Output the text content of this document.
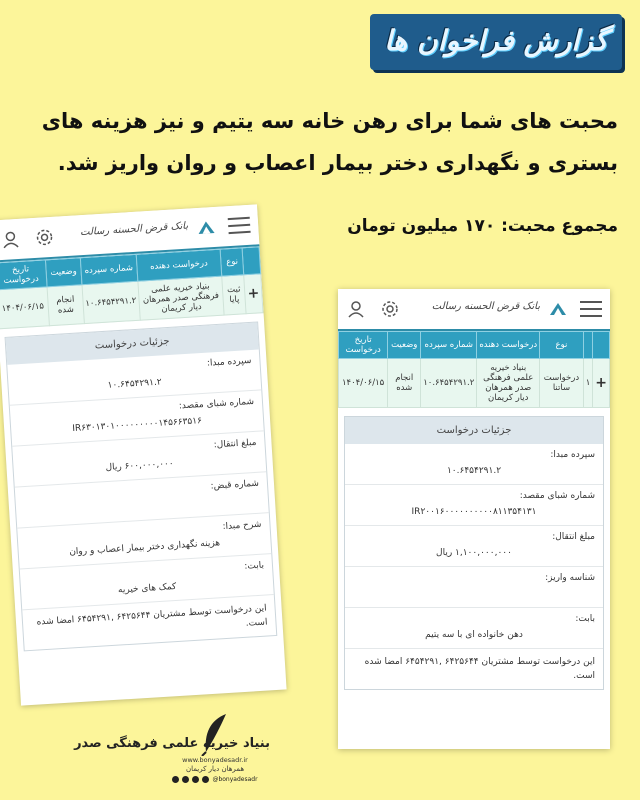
گزارش فراخوان ها
محبت های شما برای رهن خانه سه یتیم و نیز هزینه های بستری و نگهداری دختر بیمار اعصاب و روان واریز شد.
مجموع محبت: ۱۷۰ میلیون تومان
بانک قرض الحسنه رسالت
	نوع	درخواست دهنده	شماره سپرده	وضعیت	تاریخ درخواست
+	ثبت پایا	بنیاد خیریه علمی فرهنگی صدر همرهان دیار کریمان	۱۰.۶۴۵۴۲۹۱.۲	انجام شده	۱۴۰۴/۰۶/۱۵
جزئیات درخواست
سپرده مبدا:
۱۰.۶۴۵۴۲۹۱.۲
شماره شبای مقصد:
IR۶۳۰۱۳۰۱۰۰۰۰۰۰۰۰۰۱۴۵۶۶۳۵۱۶
مبلغ انتقال:
۶۰۰,۰۰۰,۰۰۰ ریال
شماره قبض:

شرح مبدا:
هزینه نگهداری دختر بیمار اعصاب و روان
بابت:
کمک های خیریه
این درخواست توسط مشتریان ۶۴۲۵۶۴۴ ,۶۴۵۴۲۹۱ امضا شده است.
بانک قرض الحسنه رسالت
		نوع	درخواست دهنده	شماره سپرده	وضعیت	تاریخ درخواست
+	۱	درخواست ساتنا	بنیاد خیریه علمی فرهنگی صدر همرهان دیار کریمان	۱۰.۶۴۵۴۲۹۱.۲	انجام شده	۱۴۰۴/۰۶/۱۵
جزئیات درخواست
سپرده مبدا:
۱۰.۶۴۵۴۲۹۱.۲
شماره شبای مقصد:
IR۲۰۰۱۶۰۰۰۰۰۰۰۰۰۰۸۱۱۳۵۴۱۳۱
مبلغ انتقال:
۱,۱۰۰,۰۰۰,۰۰۰ ریال
شناسه واریز:

بابت:
دهن خانواده ای با سه یتیم
این درخواست توسط مشتریان ۶۴۲۵۶۴۴ ,۶۴۵۴۲۹۱ امضا شده است.
بنیاد خیریه علمی فرهنگی صدر
www.bonyadesadr.ir
همرهان دیار کریمان
@bonyadesadr
